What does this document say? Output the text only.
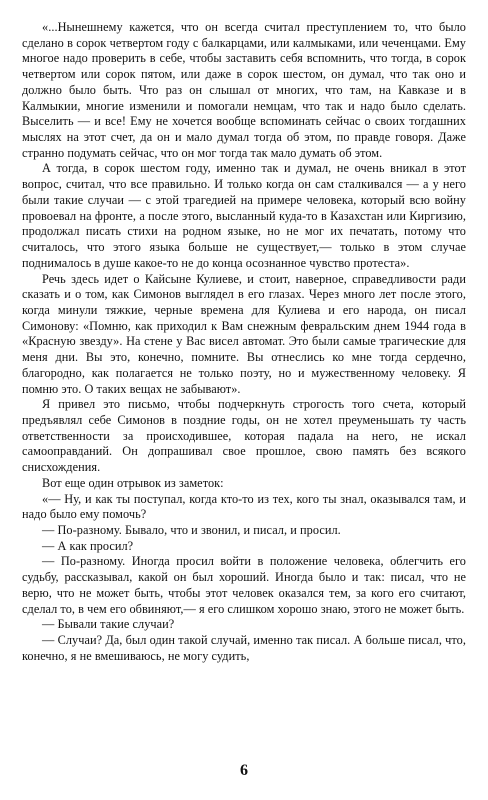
«...Нынешнему кажется, что он всегда считал преступлением то, что было сделано в сорок четвертом году с балкарцами, или калмыками, или чеченцами. Ему многое надо проверить в себе, чтобы заставить себя вспомнить, что тогда, в сорок четвертом или сорок пятом, или даже в сорок шестом, он думал, что так оно и должно было быть. Что раз он слышал от многих, что там, на Кавказе и в Калмыкии, многие изменили и помогали немцам, что так и надо было сделать. Выселить — и все! Ему не хочется вообще вспоминать сейчас о своих тогдашних мыслях на этот счет, да он и мало думал тогда об этом, по правде говоря. Даже странно подумать сейчас, что он мог тогда так мало думать об этом.

А тогда, в сорок шестом году, именно так и думал, не очень вникал в этот вопрос, считал, что все правильно. И только когда он сам сталкивался — а у него были такие случаи — с этой трагедией на примере человека, который всю войну провоевал на фронте, а после этого, высланный куда-то в Казахстан или Киргизию, продолжал писать стихи на родном языке, но не мог их печатать, потому что считалось, что этого языка больше не существует,— только в этом случае поднималось в душе какое-то не до конца осознанное чувство протеста».

Речь здесь идет о Кайсыне Кулиеве, и стоит, наверное, справедливости ради сказать и о том, как Симонов выглядел в его глазах. Через много лет после этого, когда минули тяжкие, черные времена для Кулиева и его народа, он писал Симонову: «Помню, как приходил к Вам снежным февральским днем 1944 года в «Красную звезду». На стене у Вас висел автомат. Это были самые трагические для меня дни. Вы это, конечно, помните. Вы отнеслись ко мне тогда сердечно, благородно, как полагается не только поэту, но и мужественному человеку. Я помню это. О таких вещах не забывают».

Я привел это письмо, чтобы подчеркнуть строгость того счета, который предъявлял себе Симонов в поздние годы, он не хотел преуменьшать ту часть ответственности за происходившее, которая падала на него, не искал самооправданий. Он допрашивал свое прошлое, свою память без всякого снисхождения.

Вот еще один отрывок из заметок:

«— Ну, и как ты поступал, когда кто-то из тех, кого ты знал, оказывался там, и надо было ему помочь?

— По-разному. Бывало, что и звонил, и писал, и просил.

— А как просил?

— По-разному. Иногда просил войти в положение человека, облегчить его судьбу, рассказывал, какой он был хороший. Иногда было и так: писал, что не верю, что не может быть, чтобы этот человек оказался тем, за кого его считают, сделал то, в чем его обвиняют,— я его слишком хорошо знаю, этого не может быть.

— Бывали такие случаи?

— Случаи? Да, был один такой случай, именно так писал. А больше писал, что, конечно, я не вмешиваюсь, не могу судить,

6
